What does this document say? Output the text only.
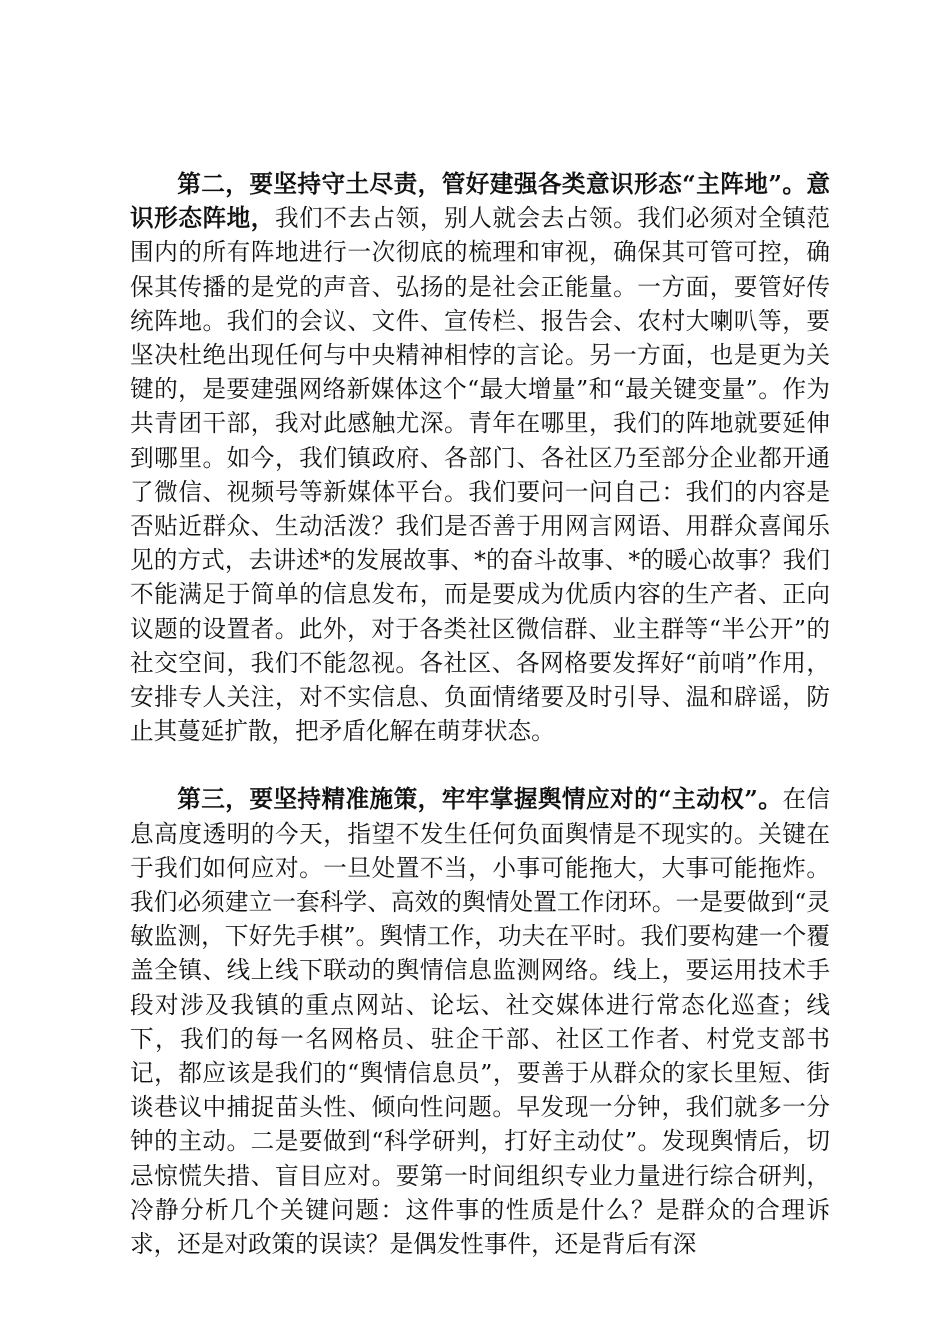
第二，要坚持守土尽责，管好建强各类意识形态“主阵地”。意识形态阵地，我们不去占领，别人就会去占领。我们必须对全镇范围内的所有阵地进行一次彻底的梳理和审视，确保其可管可控，确保其传播的是党的声音、弘扬的是社会正能量。一方面，要管好传统阵地。我们的会议、文件、宣传栏、报告会、农村大喇叭等，要坚决杜绝出现任何与中央精神相悖的言论。另一方面，也是更为关键的，是要建强网络新媒体这个“最大增量”和“最关键变量”。作为共青团干部，我对此感触尤深。青年在哪里，我们的阵地就要延伸到哪里。如今，我们镇政府、各部门、各社区乃至部分企业都开通了微信、视频号等新媒体平台。我们要问一问自己：我们的内容是否贴近群众、生动活泼？我们是否善于用网言网语、用群众喜闻乐见的方式，去讲述*的发展故事、*的奋斗故事、*的暖心故事？我们不能满足于简单的信息发布，而是要成为优质内容的生产者、正向议题的设置者。此外，对于各类社区微信群、业主群等“半公开”的社交空间，我们不能忽视。各社区、各网格要发挥好“前哨”作用，安排专人关注，对不实信息、负面情绪要及时引导、温和辟谣，防止其蔓延扩散，把矛盾化解在萌芽状态。

第三，要坚持精准施策，牢牢掌握舆情应对的“主动权”。在信息高度透明的今天，指望不发生任何负面舆情是不现实的。关键在于我们如何应对。一旦处置不当，小事可能拖大，大事可能拖炸。我们必须建立一套科学、高效的舆情处置工作闭环。一是要做到“灵敏监测，下好先手棋”。舆情工作，功夫在平时。我们要构建一个覆盖全镇、线上线下联动的舆情信息监测网络。线上，要运用技术手段对涉及我镇的重点网站、论坛、社交媒体进行常态化巡查；线下，我们的每一名网格员、驻企干部、社区工作者、村党支部书记，都应该是我们的“舆情信息员”，要善于从群众的家长里短、街谈巷议中捕捉苗头性、倾向性问题。早发现一分钟，我们就多一分钟的主动。二是要做到“科学研判，打好主动仗”。发现舆情后，切忌惊慌失措、盲目应对。要第一时间组织专业力量进行综合研判，冷静分析几个关键问题：这件事的性质是什么？是群众的合理诉求，还是对政策的误读？是偶发性事件，还是背后有深
